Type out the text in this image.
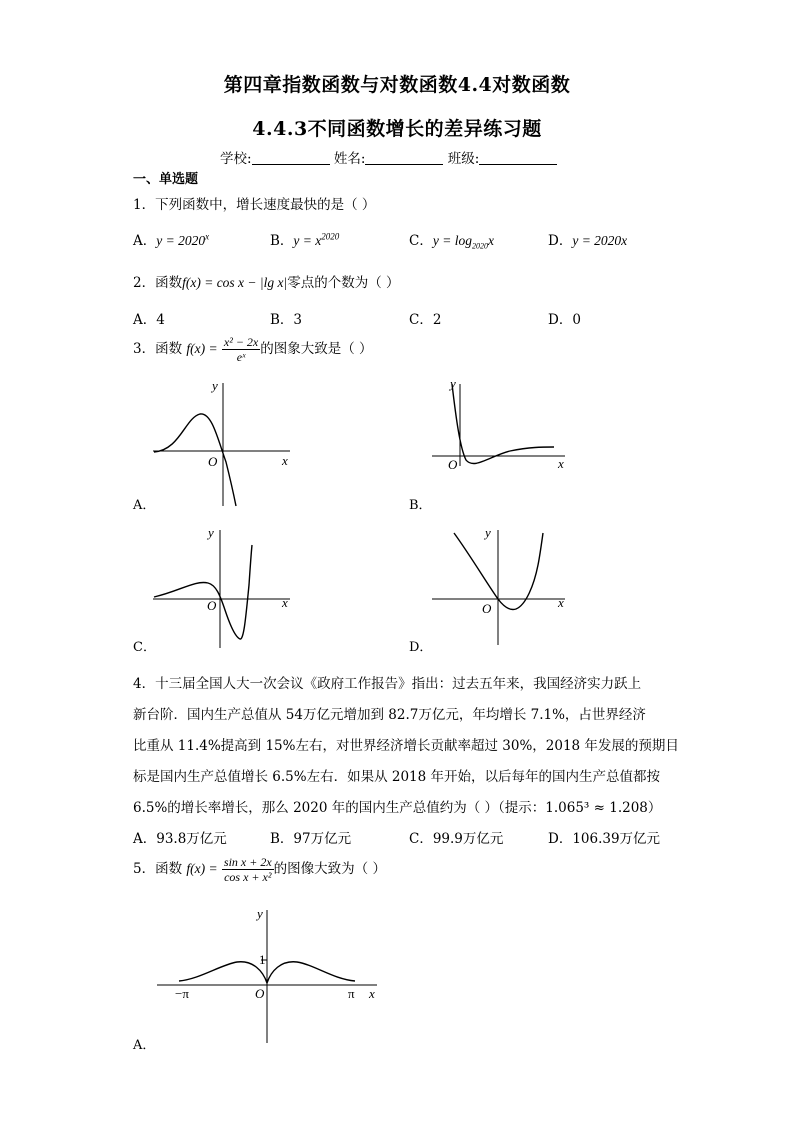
第四章指数函数与对数函数4.4对数函数
4.4.3不同函数增长的差异练习题
学校:	姓名:	班级:
一、单选题
1．下列函数中，增长速度最快的是（ ）
A．$y = 2020^x$	B．$y = x^{2020}$	C．$y = \log_{2020}x$	D．y = 2020x
2．函数f(x) = cos x − |lg x|零点的个数为（ ）
A．4	B．3	C．2	D．0
3．函数 $f(x) = \frac{\text{x² − 2x}}{\text{eˣ}}$ 的图象大致是（ ）
y
x
O
A．
y
x
O
B．
y
x
O
C．
y
x
O
D．
4．十三届全国人大一次会议《政府工作报告》指出：过去五年来，我国经济实力跃上
新台阶．国内生产总值从 54万亿元增加到 82.7万亿元，年均增长 7.1%，占世界经济
比重从 11.4%提高到 15%左右，对世界经济增长贡献率超过 30%，2018 年发展的预期目
标是国内生产总值增长 6.5%左右．如果从 2018 年开始，以后每年的国内生产总值都按
6.5%的增长率增长，那么 2020 年的国内生产总值约为（ ）（提示：1.065³ ≈ 1.208）
A．93.8万亿元	B．97万亿元	C．99.9万亿元	D．106.39万亿元
5．函数 $f(x) = \frac{\text{sin x + 2x}}{\text{cos x + x²}}$ 的图像大致为（ ）
y
x
O
1
−π	π
A．
